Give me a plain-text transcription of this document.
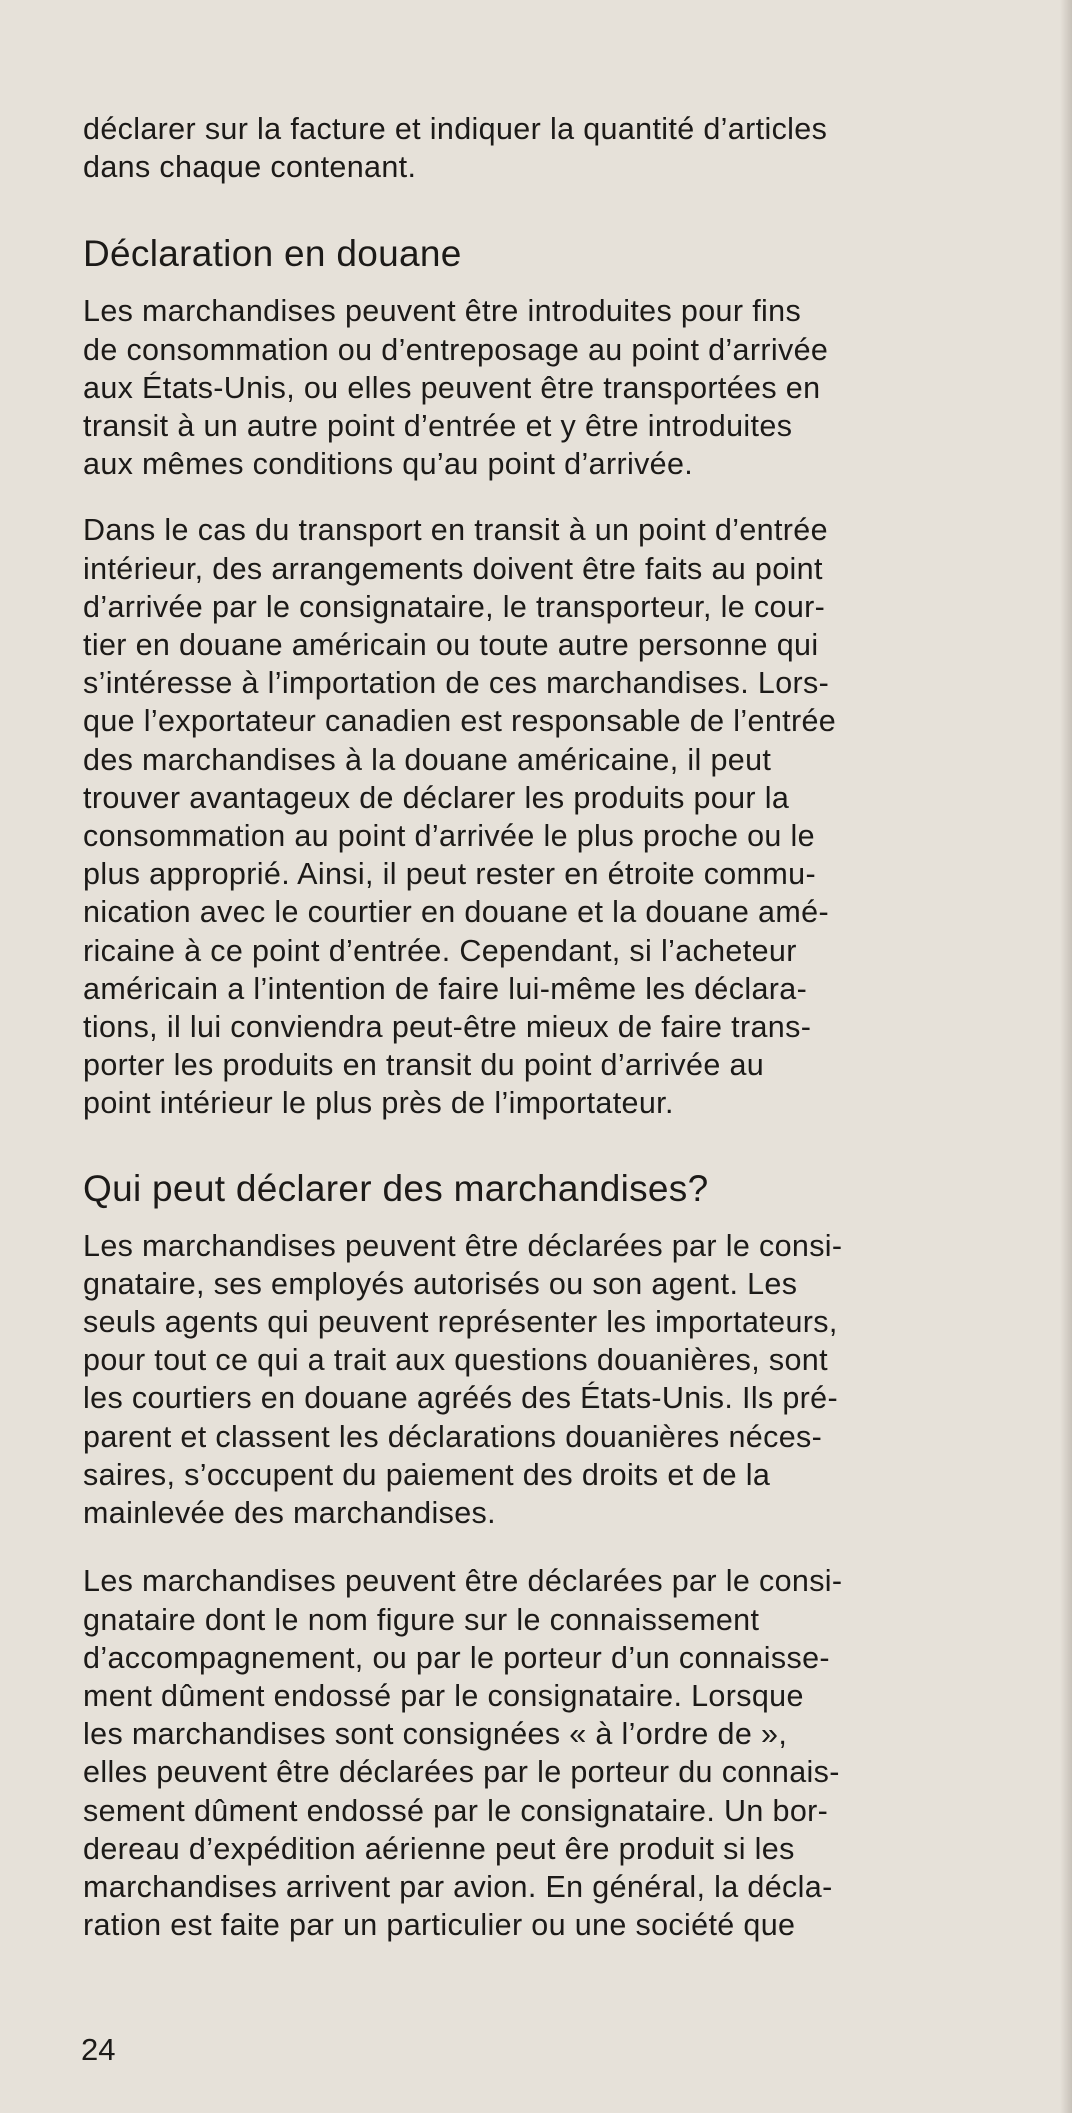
déclarer sur la facture et indiquer la quantité d’articles
dans chaque contenant.

Déclaration en douane

Les marchandises peuvent être introduites pour fins
de consommation ou d’entreposage au point d’arrivée
aux États-Unis, ou elles peuvent être transportées en
transit à un autre point d’entrée et y être introduites
aux mêmes conditions qu’au point d’arrivée.

Dans le cas du transport en transit à un point d’entrée
intérieur, des arrangements doivent être faits au point
d’arrivée par le consignataire, le transporteur, le cour-
tier en douane américain ou toute autre personne qui
s’intéresse à l’importation de ces marchandises. Lors-
que l’exportateur canadien est responsable de l’entrée
des marchandises à la douane américaine, il peut
trouver avantageux de déclarer les produits pour la
consommation au point d’arrivée le plus proche ou le
plus approprié. Ainsi, il peut rester en étroite commu-
nication avec le courtier en douane et la douane amé-
ricaine à ce point d’entrée. Cependant, si l’acheteur
américain a l’intention de faire lui-même les déclara-
tions, il lui conviendra peut-être mieux de faire trans-
porter les produits en transit du point d’arrivée au
point intérieur le plus près de l’importateur.

Qui peut déclarer des marchandises?

Les marchandises peuvent être déclarées par le consi-
gnataire, ses employés autorisés ou son agent. Les
seuls agents qui peuvent représenter les importateurs,
pour tout ce qui a trait aux questions douanières, sont
les courtiers en douane agréés des États-Unis. Ils pré-
parent et classent les déclarations douanières néces-
saires, s’occupent du paiement des droits et de la
mainlevée des marchandises.

Les marchandises peuvent être déclarées par le consi-
gnataire dont le nom figure sur le connaissement
d’accompagnement, ou par le porteur d’un connaisse-
ment dûment endossé par le consignataire. Lorsque
les marchandises sont consignées « à l’ordre de »,
elles peuvent être déclarées par le porteur du connais-
sement dûment endossé par le consignataire. Un bor-
dereau d’expédition aérienne peut êre produit si les
marchandises arrivent par avion. En général, la décla-
ration est faite par un particulier ou une société que

24
